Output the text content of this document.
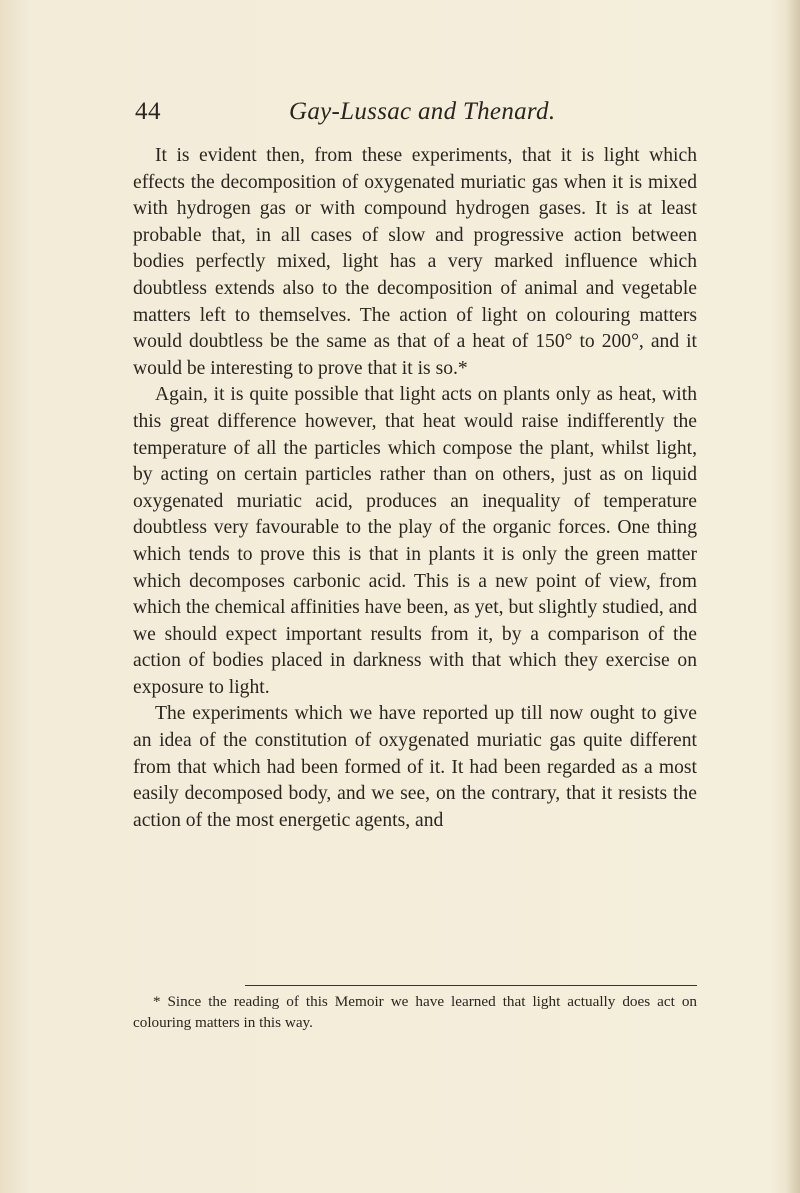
44	Gay-Lussac and Thenard.

It is evident then, from these experiments, that it is light which effects the decomposition of oxygenated muriatic gas when it is mixed with hydrogen gas or with compound hydrogen gases. It is at least probable that, in all cases of slow and progressive action between bodies perfectly mixed, light has a very marked influence which doubtless extends also to the decomposition of animal and vegetable matters left to themselves. The action of light on colouring matters would doubtless be the same as that of a heat of 150° to 200°, and it would be interesting to prove that it is so.*

Again, it is quite possible that light acts on plants only as heat, with this great difference however, that heat would raise indifferently the temperature of all the particles which compose the plant, whilst light, by acting on certain particles rather than on others, just as on liquid oxygenated muriatic acid, produces an inequality of temperature doubtless very favourable to the play of the organic forces. One thing which tends to prove this is that in plants it is only the green matter which decomposes carbonic acid. This is a new point of view, from which the chemical affinities have been, as yet, but slightly studied, and we should expect important results from it, by a comparison of the action of bodies placed in darkness with that which they exercise on exposure to light.

The experiments which we have reported up till now ought to give an idea of the constitution of oxygenated muriatic gas quite different from that which had been formed of it. It had been regarded as a most easily decomposed body, and we see, on the contrary, that it resists the action of the most energetic agents, and

* Since the reading of this Memoir we have learned that light actually does act on colouring matters in this way.
